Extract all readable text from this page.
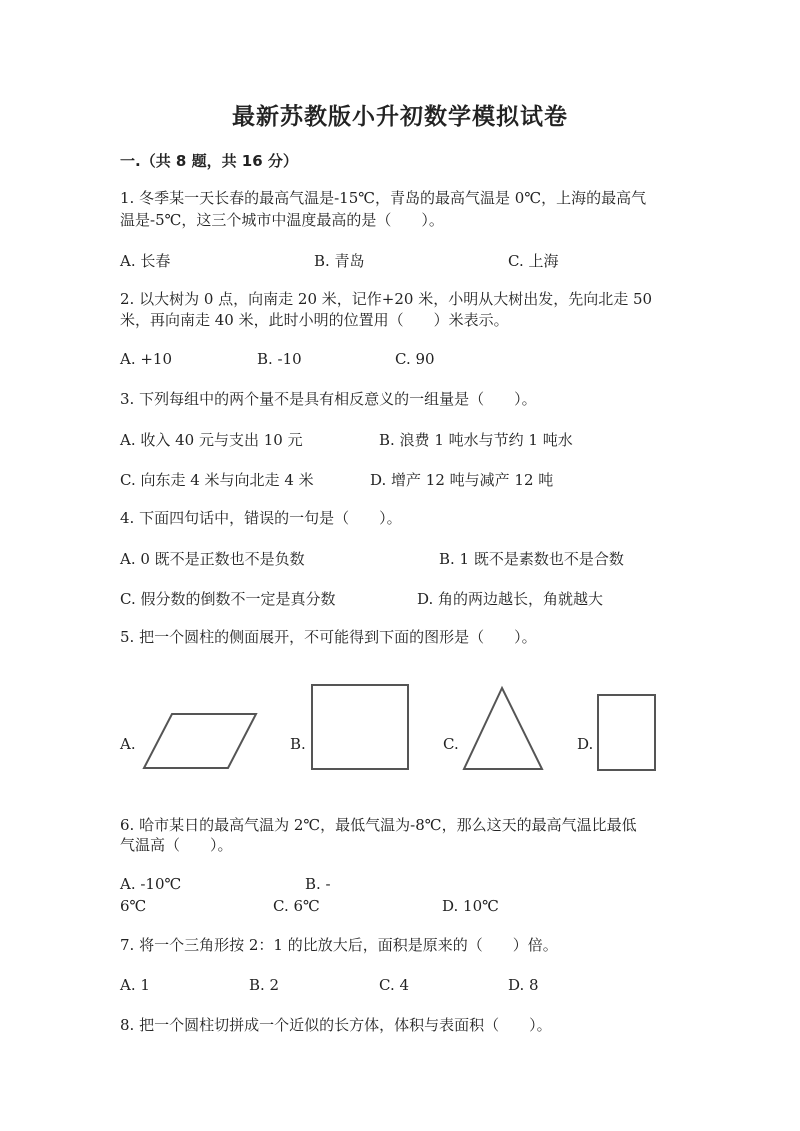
最新苏教版小升初数学模拟试卷
一.（共 8 题，共 16 分）
1. 冬季某一天长春的最高气温是-15℃，青岛的最高气温是 0℃，上海的最高气
温是-5℃，这三个城市中温度最高的是（　　）。
A. 长春	B. 青岛	C. 上海
2. 以大树为 0 点，向南走 20 米，记作+20 米，小明从大树出发，先向北走 50
米，再向南走 40 米，此时小明的位置用（　　）米表示。
A. +10	B. -10	C. 90
3. 下列每组中的两个量不是具有相反意义的一组量是（　　）。
A. 收入 40 元与支出 10 元	B. 浪费 1 吨水与节约 1 吨水
C. 向东走 4 米与向北走 4 米	D. 增产 12 吨与减产 12 吨
4. 下面四句话中，错误的一句是（　　）。
A. 0 既不是正数也不是负数	B. 1 既不是素数也不是合数
C. 假分数的倒数不一定是真分数	D. 角的两边越长，角就越大
5. 把一个圆柱的侧面展开，不可能得到下面的图形是（　　）。
A.	B.	C.	D.
6. 哈市某日的最高气温为 2℃，最低气温为-8℃，那么这天的最高气温比最低
气温高（　　）。
A. -10℃	B. -
6℃	C. 6℃	D. 10℃
7. 将一个三角形按 2：1 的比放大后，面积是原来的（　　）倍。
A. 1	B. 2	C. 4	D. 8
8. 把一个圆柱切拼成一个近似的长方体，体积与表面积（　　）。
